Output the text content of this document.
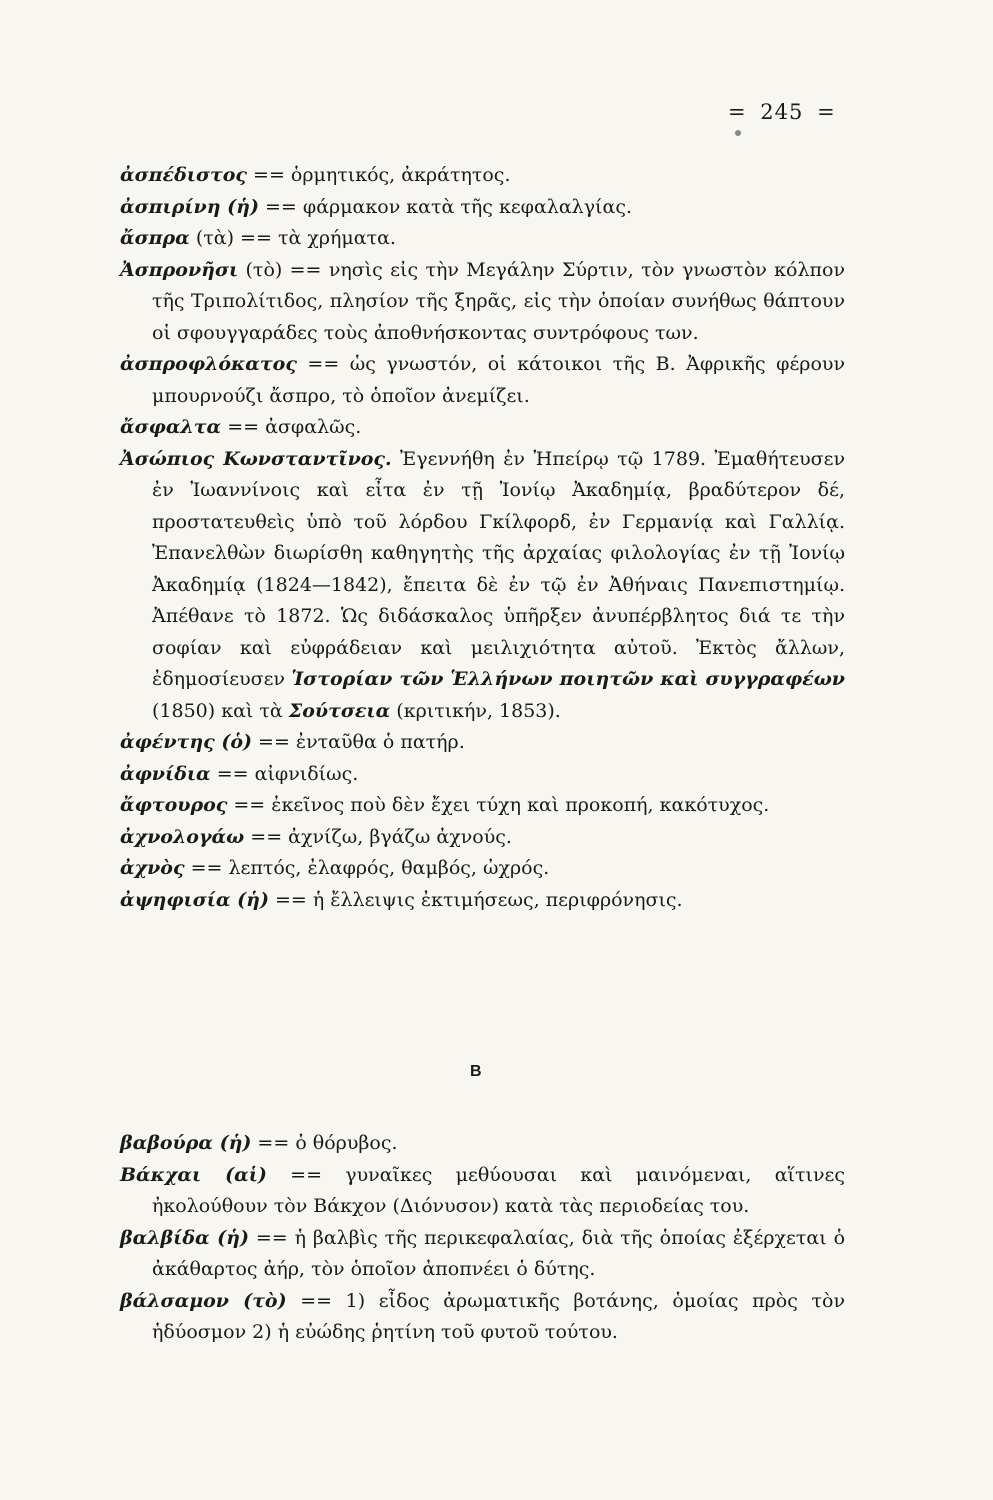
= 245 =

ἀσπέδιστος == ὁρμητικός, ἀκράτητος.

ἀσπιρίνη (ἡ) == φάρμακον κατὰ τῆς κεφαλαλγίας.

ἄσπρα (τὰ) == τὰ χρήματα.

Ἀσπρονῆσι (τὸ) == νησὶς εἰς τὴν Μεγάλην Σύρτιν, τὸν γνωστὸν κόλπον τῆς Τριπολίτιδος, πλησίον τῆς ξηρᾶς, εἰς τὴν ὁποίαν συνήθως θάπτουν οἱ σφουγγαράδες τοὺς ἀποθνήσκοντας συντρόφους των.

ἀσπροφλόκατος == ὡς γνωστόν, οἱ κάτοικοι τῆς Β. Ἀφρικῆς φέρουν μπουρνούζι ἄσπρο, τὸ ὁποῖον ἀνεμίζει.

ἄσφαλτα == ἀσφαλῶς.

Ἀσώπιος Κωνσταντῖνος. Ἐγεννήθη ἐν Ἠπείρῳ τῷ 1789. Ἐμαθήτευσεν ἐν Ἰωαννίνοις καὶ εἶτα ἐν τῇ Ἰονίῳ Ἀκαδημίᾳ, βραδύτερον δέ, προστατευθεὶς ὑπὸ τοῦ λόρδου Γκίλφορδ, ἐν Γερμανίᾳ καὶ Γαλλίᾳ. Ἐπανελθὼν διωρίσθη καθηγητὴς τῆς ἀρχαίας φιλολογίας ἐν τῇ Ἰονίῳ Ἀκαδημίᾳ (1824—1842), ἔπειτα δὲ ἐν τῷ ἐν Ἀθήναις Πανεπιστημίῳ. Ἀπέθανε τὸ 1872. Ὡς διδάσκαλος ὑπῆρξεν ἀνυπέρβλητος διά τε τὴν σοφίαν καὶ εὐφράδειαν καὶ μειλιχιότητα αὐτοῦ. Ἐκτὸς ἄλλων, ἐδημοσίευσεν Ἱστορίαν τῶν Ἑλλήνων ποιητῶν καὶ συγγραφέων (1850) καὶ τὰ Σούτσεια (κριτικήν, 1853).

ἀφέντης (ὁ) == ἐνταῦθα ὁ πατήρ.

ἀφνίδια == αἰφνιδίως.

ἄφτουρος == ἐκεῖνος ποὺ δὲν ἔχει τύχη καὶ προκοπή, κακότυχος.

ἀχνολογάω == ἀχνίζω, βγάζω ἀχνούς.

ἀχνὸς == λεπτός, ἐλαφρός, θαμβός, ὠχρός.

ἀψηφισία (ἡ) == ἡ ἔλλειψις ἐκτιμήσεως, περιφρόνησις.

Β

βαβούρα (ἡ) == ὁ θόρυβος.

Βάκχαι (αἱ) == γυναῖκες μεθύουσαι καὶ μαινόμεναι, αἵτινες ἠκολούθουν τὸν Βάκχον (Διόνυσον) κατὰ τὰς περιοδείας του.

βαλβίδα (ἡ) == ἡ βαλβὶς τῆς περικεφαλαίας, διὰ τῆς ὁποίας ἐξέρχεται ὁ ἀκάθαρτος ἀήρ, τὸν ὁποῖον ἀποπνέει ὁ δύτης.

βάλσαμον (τὸ) == 1) εἶδος ἀρωματικῆς βοτάνης, ὁμοίας πρὸς τὸν ἡδύοσμον 2) ἡ εὐώδης ῥητίνη τοῦ φυτοῦ τούτου.
